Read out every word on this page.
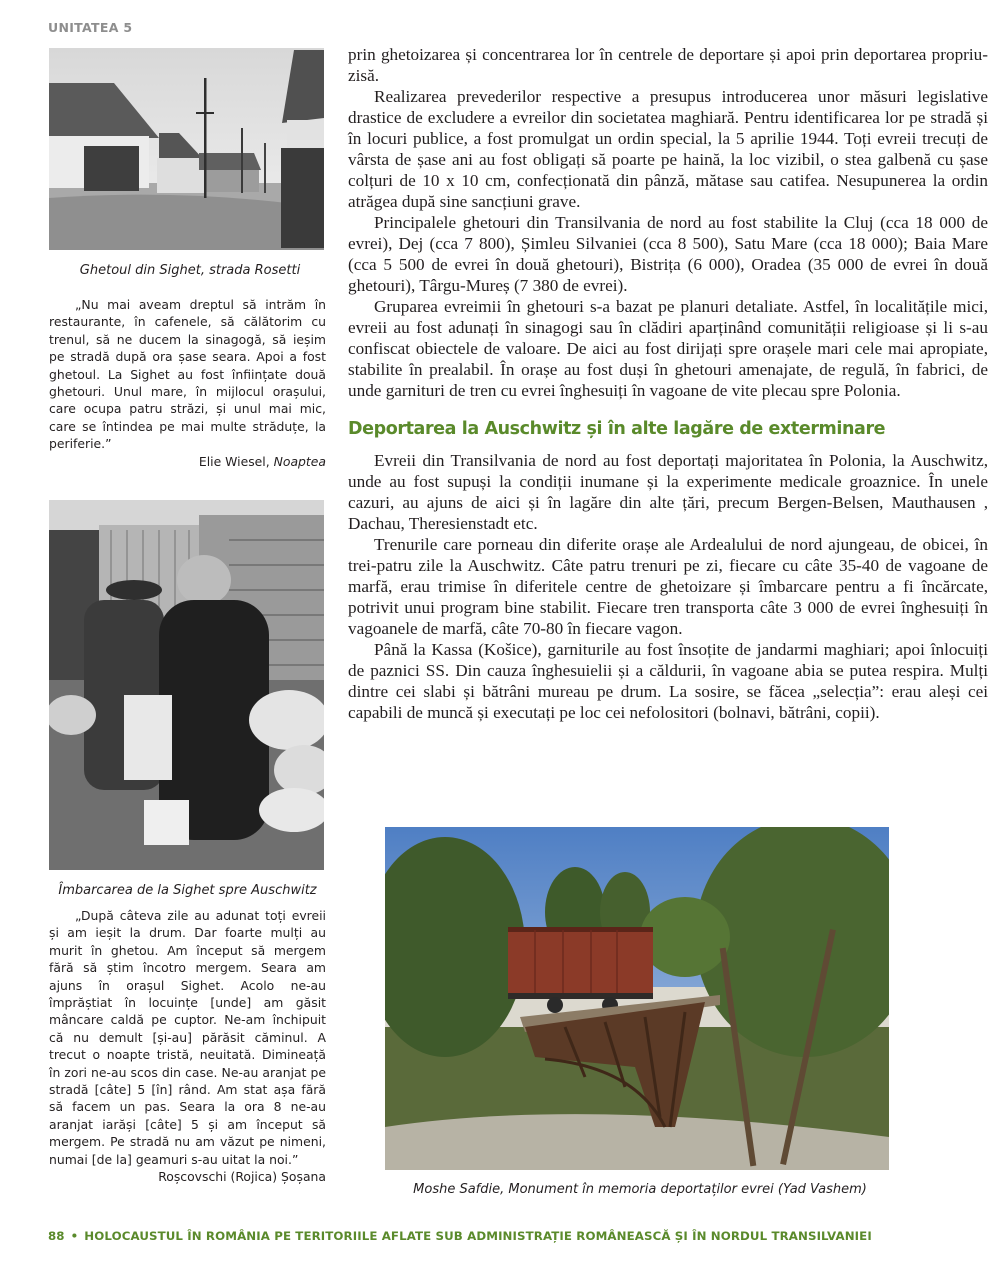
UNITATEA 5
Ghetoul din Sighet, strada Rosetti

„Nu mai aveam dreptul să intrăm în restaurante, în cafenele, să călătorim cu trenul, să ne ducem la sinagogă, să ieșim pe stradă după ora șase seara. Apoi a fost ghetoul. La Sighet au fost înființate două ghetouri. Unul mare, în mijlocul orașului, care ocupa patru străzi, și unul mai mic, care se întindea pe mai multe străduțe, la periferie.”

Elie Wiesel, Noaptea

Îmbarcarea de la Sighet spre Auschwitz

„După câteva zile au adunat toți evreii și am ieșit la drum. Dar foarte mulți au murit în ghetou. Am început să mergem fără să știm încotro mergem. Seara am ajuns în orașul Sighet. Acolo ne-au împrăștiat în locuințe [unde] am găsit mâncare caldă pe cuptor. Ne-am închipuit că nu demult [și-au] părăsit căminul. A trecut o noapte tristă, neuitată. Dimineață în zori ne-au scos din case. Ne-au aranjat pe stradă [câte] 5 [în] rând. Am stat așa fără să facem un pas. Seara la ora 8 ne-au aranjat iarăși [câte] 5 și am început să mergem. Pe stradă nu am văzut pe nimeni, numai [de la] geamuri s-au uitat la noi.”

Roșcovschi (Rojica) Șoșana

prin ghetoizarea și concentrarea lor în centrele de deportare și apoi prin deportarea propriu-zisă.

Realizarea prevederilor respective a presupus introducerea unor măsuri legislative drastice de excludere a evreilor din societatea maghiară. Pentru identificarea lor pe stradă și în locuri publice, a fost promulgat un ordin special, la 5 aprilie 1944. Toți evreii trecuți de vârsta de șase ani au fost obligați să poarte pe haină, la loc vizibil, o stea galbenă cu șase colțuri de 10 x 10 cm, confecționată din pânză, mătase sau catifea. Nesupunerea la ordin atrăgea după sine sancțiuni grave.

Principalele ghetouri din Transilvania de nord au fost stabilite la Cluj (cca 18 000 de evrei), Dej (cca 7 800), Șimleu Silvaniei (cca 8 500), Satu Mare (cca 18 000); Baia Mare (cca 5 500 de evrei în două ghetouri), Bistrița (6 000), Oradea (35 000 de evrei în două ghetouri), Târgu-Mureș (7 380 de evrei).

Gruparea evreimii în ghetouri s-a bazat pe planuri detaliate. Astfel, în localitățile mici, evreii au fost adunați în sinagogi sau în clădiri aparținând comunității religioase și li s-au confiscat obiectele de valoare. De aici au fost dirijați spre orașele mari cele mai apropiate, stabilite în prealabil. În orașe au fost duși în ghetouri amenajate, de regulă, în fabrici, de unde garnituri de tren cu evrei înghesuiți în vagoane de vite plecau spre Polonia.

Deportarea la Auschwitz și în alte lagăre de exterminare

Evreii din Transilvania de nord au fost deportați majoritatea în Polonia, la Auschwitz, unde au fost supuși la condiții inumane și la experimente medicale groaznice. În unele cazuri, au ajuns de aici și în lagăre din alte țări, precum Bergen-Belsen, Mauthausen , Dachau, Theresienstadt etc.

Trenurile care porneau din diferite orașe ale Ardealului de nord ajungeau, de obicei, în trei-patru zile la Auschwitz. Câte patru trenuri pe zi, fiecare cu câte 35-40 de vagoane de marfă, erau trimise în diferitele centre de ghetoizare și îmbarcare pentru a fi încărcate, potrivit unui program bine stabilit. Fiecare tren transporta câte 3 000 de evrei înghesuiți în vagoanele de marfă, câte 70-80 în fiecare vagon.

Până la Kassa (Košice), garniturile au fost însoțite de jandarmi maghiari; apoi înlocuiți de paznici SS. Din cauza înghesuielii și a căldurii, în vagoane abia se putea respira. Mulți dintre cei slabi și bătrâni mureau pe drum. La sosire, se făcea „selecția”: erau aleși cei capabili de muncă și executați pe loc cei nefolositori (bolnavi, bătrâni, copii).

Moshe Safdie, Monument în memoria deportaților evrei (Yad Vashem)
88 • HOLOCAUSTUL ÎN ROMÂNIA PE TERITORIILE AFLATE SUB ADMINISTRAȚIE ROMÂNEASCĂ ȘI ÎN NORDUL TRANSILVANIEI
